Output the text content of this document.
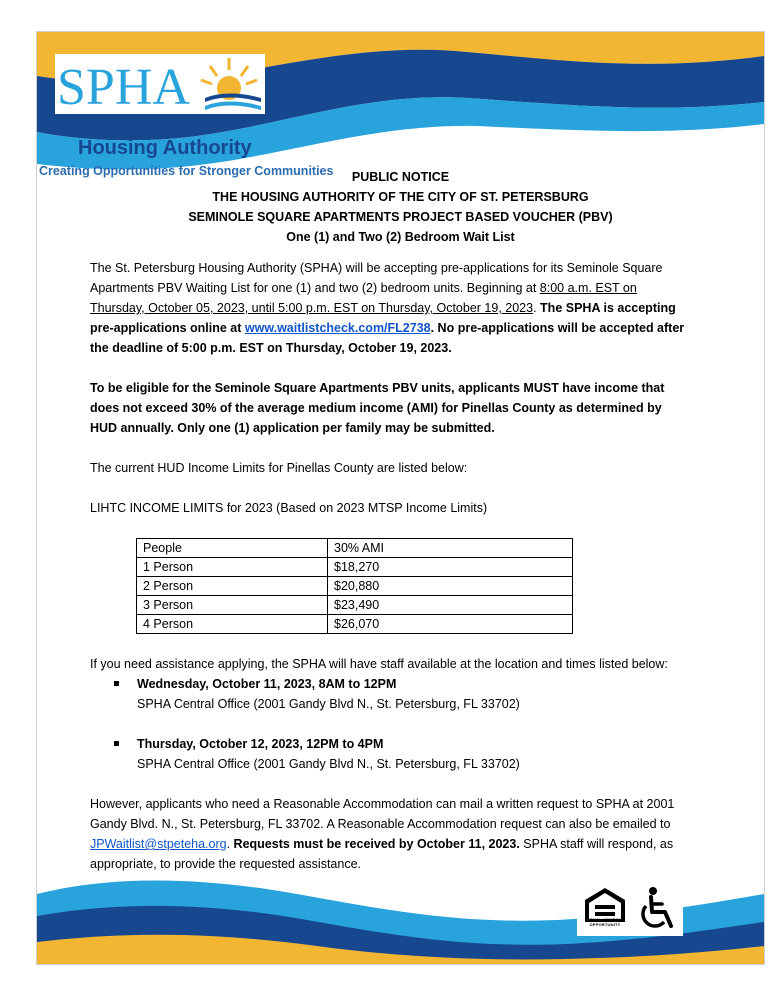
SPHA
St. Petersburg
Housing Authority
Creating Opportunities for Stronger Communities	PUBLIC NOTICE
THE HOUSING AUTHORITY OF THE CITY OF ST. PETERSBURG
SEMINOLE SQUARE APARTMENTS PROJECT BASED VOUCHER (PBV)
One (1) and Two (2) Bedroom Wait List

The St. Petersburg Housing Authority (SPHA) will be accepting pre-applications for its Seminole Square Apartments PBV Waiting List for one (1) and two (2) bedroom units. Beginning at 8:00 a.m. EST on Thursday, October 05, 2023, until 5:00 p.m. EST on Thursday, October 19, 2023. The SPHA is accepting pre-applications online at www.waitlistcheck.com/FL2738. No pre-applications will be accepted after the deadline of 5:00 p.m. EST on Thursday, October 19, 2023.

To be eligible for the Seminole Square Apartments PBV units, applicants MUST have income that does not exceed 30% of the average medium income (AMI) for Pinellas County as determined by HUD annually. Only one (1) application per family may be submitted.

The current HUD Income Limits for Pinellas County are listed below:

LIHTC INCOME LIMITS for 2023 (Based on 2023 MTSP Income Limits)

People	30% AMI
1 Person	$18,270
2 Person	$20,880
3 Person	$23,490
4 Person	$26,070

If you need assistance applying, the SPHA will have staff available at the location and times listed below:

Wednesday, October 11, 2023, 8AM to 12PM
SPHA Central Office (2001 Gandy Blvd N., St. Petersburg, FL 33702)
Thursday, October 12, 2023, 12PM to 4PM
SPHA Central Office (2001 Gandy Blvd N., St. Petersburg, FL 33702)

However, applicants who need a Reasonable Accommodation can mail a written request to SPHA at 2001 Gandy Blvd. N., St. Petersburg, FL 33702. A Reasonable Accommodation request can also be emailed to JPWaitlist@stpeteha.org. Requests must be received by October 11, 2023. SPHA staff will respond, as appropriate, to provide the requested assistance.

EQUAL HOUSING
OPPORTUNITY
